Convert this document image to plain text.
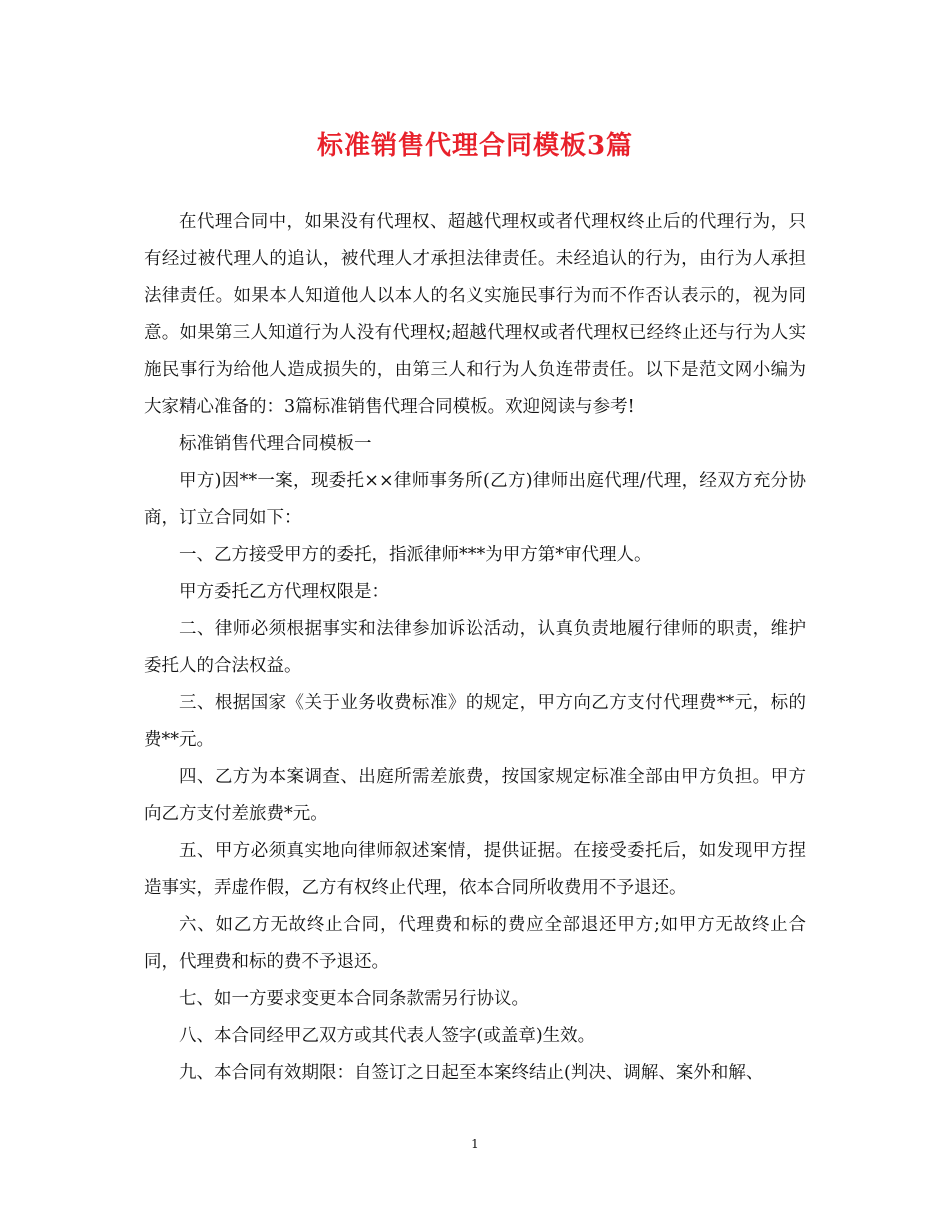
标准销售代理合同模板3篇

在代理合同中，如果没有代理权、超越代理权或者代理权终止后的代理行为，只有经过被代理人的追认，被代理人才承担法律责任。未经追认的行为，由行为人承担法律责任。如果本人知道他人以本人的名义实施民事行为而不作否认表示的，视为同意。如果第三人知道行为人没有代理权;超越代理权或者代理权已经终止还与行为人实施民事行为给他人造成损失的，由第三人和行为人负连带责任。以下是范文网小编为大家精心准备的：3篇标准销售代理合同模板。欢迎阅读与参考!

标准销售代理合同模板一

甲方)因**一案，现委托××律师事务所(乙方)律师出庭代理/代理，经双方充分协商，订立合同如下：

一、乙方接受甲方的委托，指派律师***为甲方第*审代理人。

甲方委托乙方代理权限是：

二、律师必须根据事实和法律参加诉讼活动，认真负责地履行律师的职责，维护委托人的合法权益。

三、根据国家《关于业务收费标准》的规定，甲方向乙方支付代理费**元，标的费**元。

四、乙方为本案调查、出庭所需差旅费，按国家规定标准全部由甲方负担。甲方向乙方支付差旅费*元。

五、甲方必须真实地向律师叙述案情，提供证据。在接受委托后，如发现甲方捏造事实，弄虚作假，乙方有权终止代理，依本合同所收费用不予退还。

六、如乙方无故终止合同，代理费和标的费应全部退还甲方;如甲方无故终止合同，代理费和标的费不予退还。

七、如一方要求变更本合同条款需另行协议。

八、本合同经甲乙双方或其代表人签字(或盖章)生效。

九、本合同有效期限：自签订之日起至本案终结止(判决、调解、案外和解、

1
